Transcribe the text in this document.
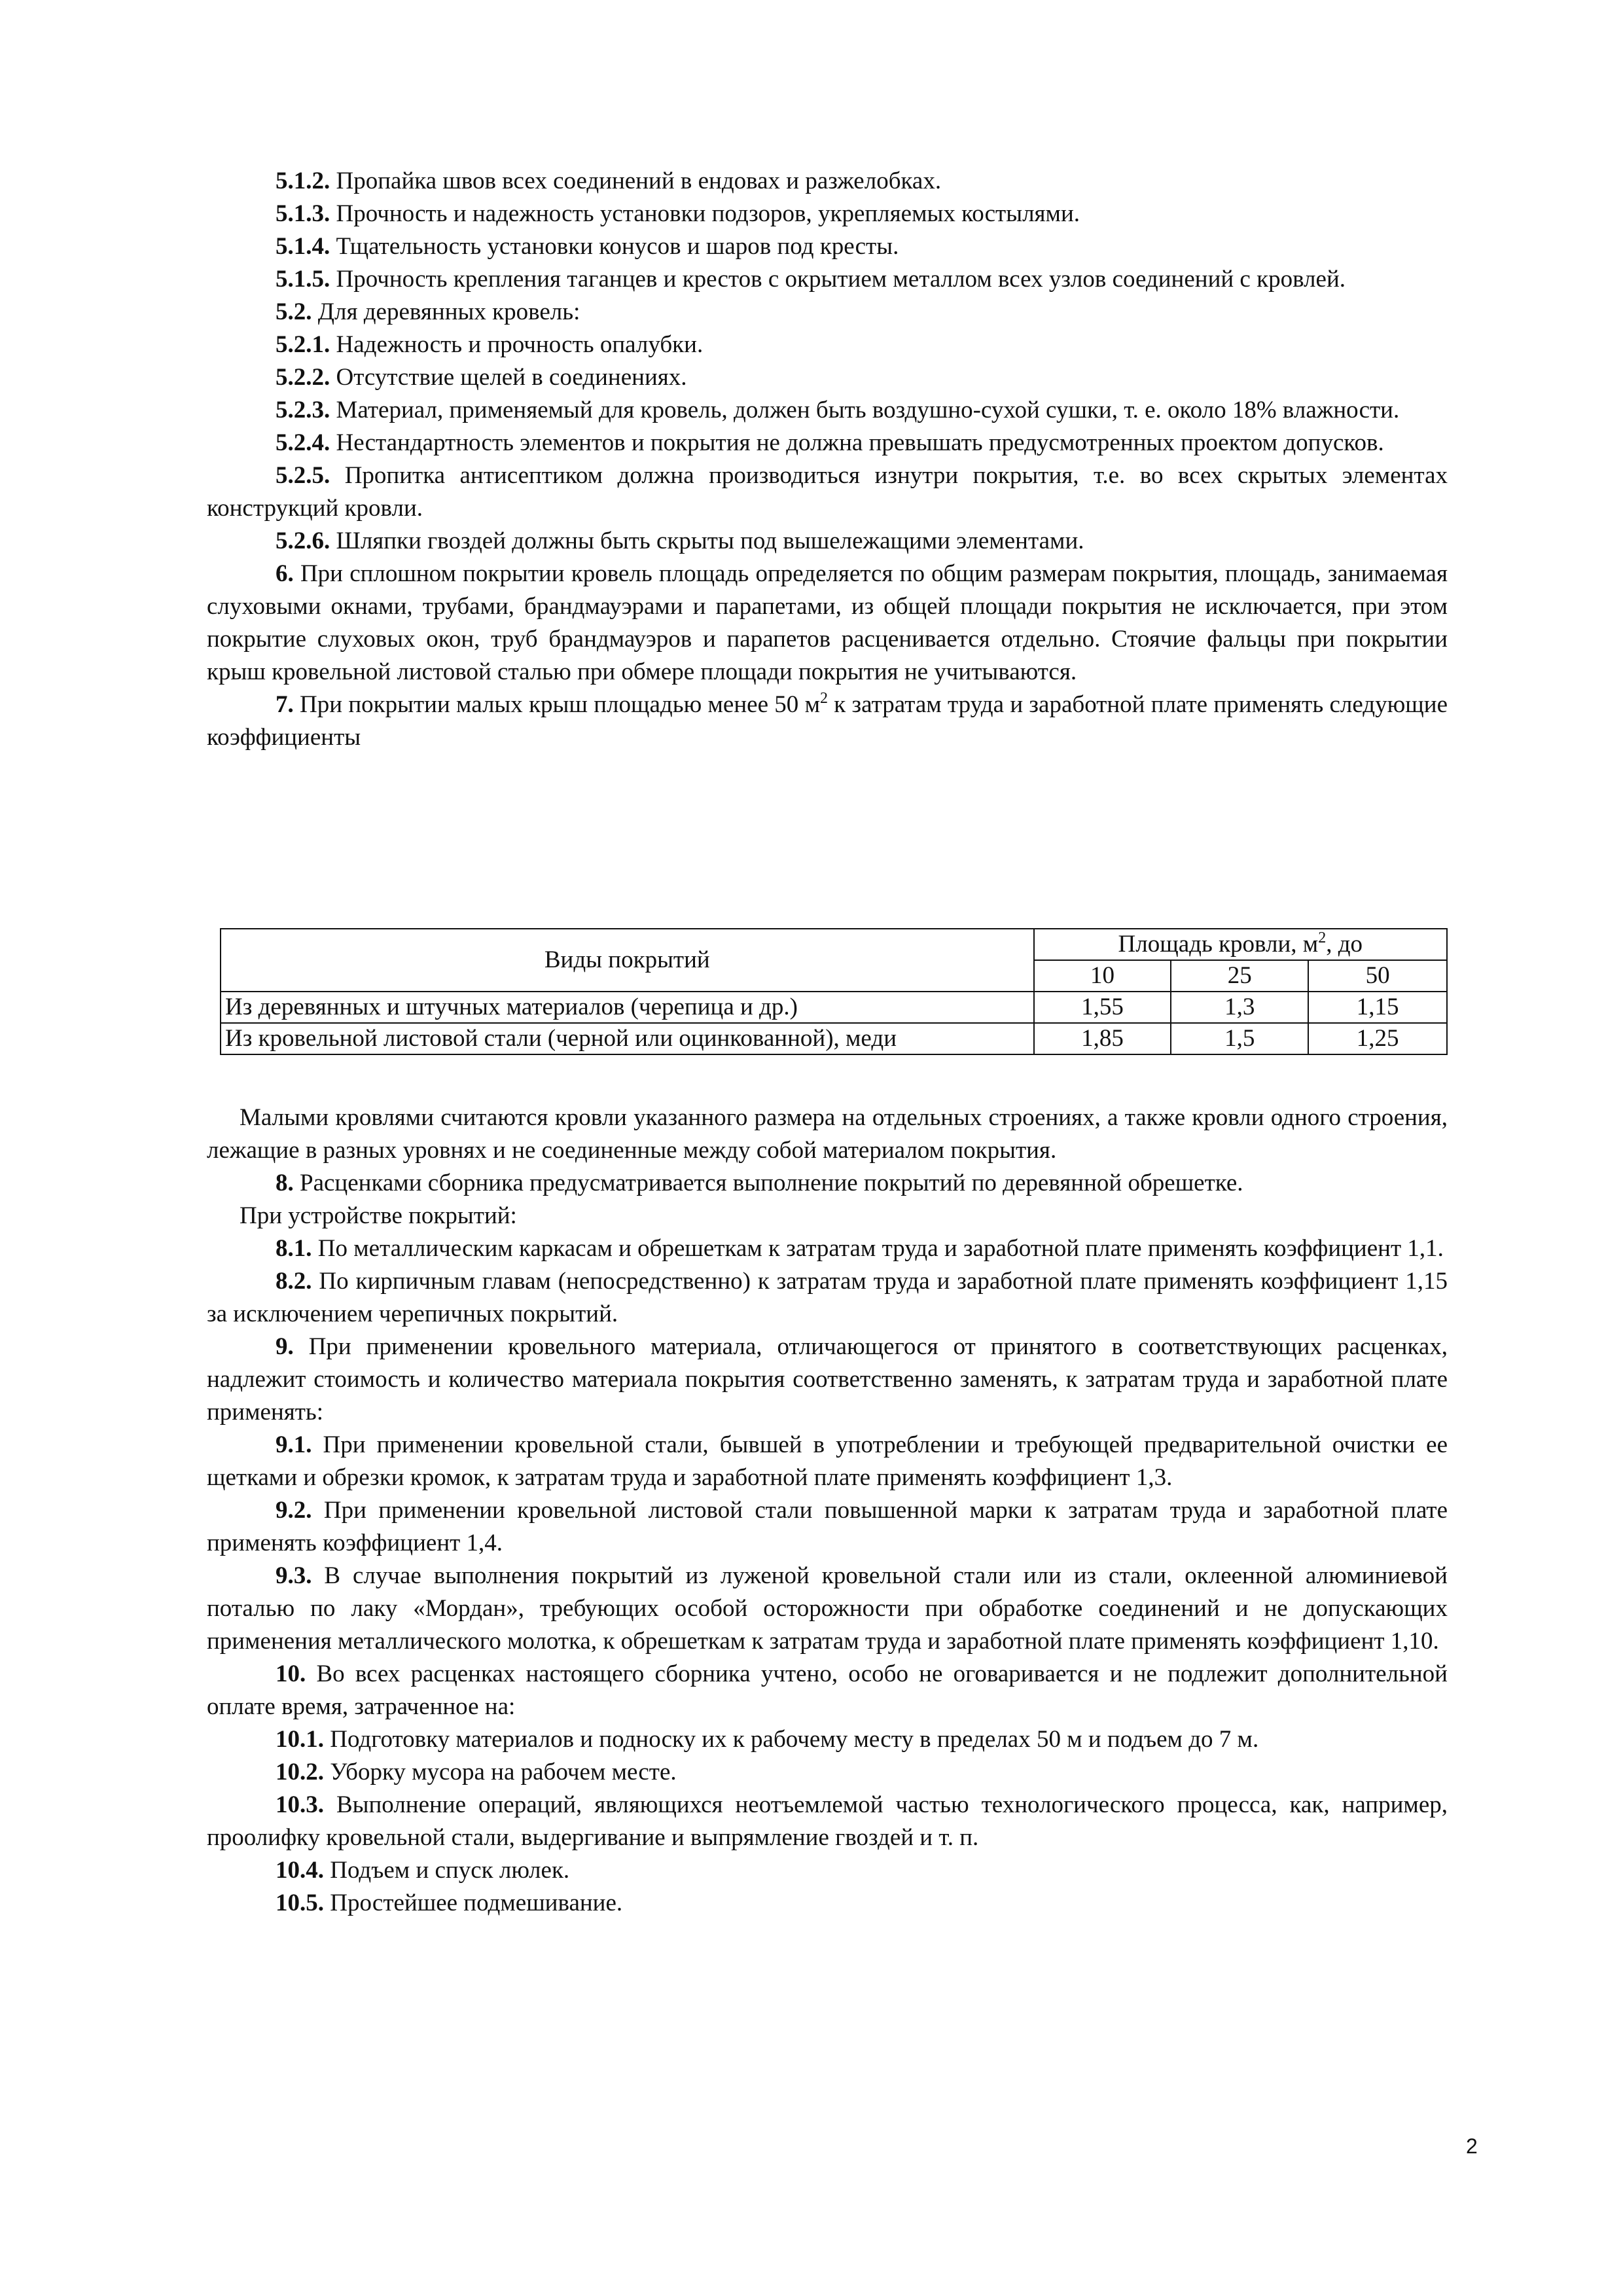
5.1.2. Пропайка швов всех соединений в ендовах и разжелобках.

5.1.3. Прочность и надежность установки подзоров, укрепляемых костылями.

5.1.4. Тщательность установки конусов и шаров под кресты.

5.1.5. Прочность крепления таганцев и крестов с окрытием металлом всех узлов соединений с кровлей.

5.2. Для деревянных кровель:

5.2.1. Надежность и прочность опалубки.

5.2.2. Отсутствие щелей в соединениях.

5.2.3. Материал, применяемый для кровель, должен быть воздушно-сухой сушки, т. е. около 18% влажности.

5.2.4. Нестандартность элементов и покрытия не должна превышать предусмотренных проектом допусков.

5.2.5. Пропитка антисептиком должна производиться изнутри покрытия, т.е. во всех скрытых элементах конструкций кровли.

5.2.6. Шляпки гвоздей должны быть скрыты под вышележащими элементами.

6. При сплошном покрытии кровель площадь определяется по общим размерам покрытия, площадь, занимаемая слуховыми окнами, трубами, брандмауэрами и парапетами, из общей площади покрытия не исключается, при этом покрытие слуховых окон, труб брандмауэров и парапетов расценивается отдельно. Стоячие фальцы при покрытии крыш кровельной листовой сталью при обмере площади покрытия не учитываются.

7. При покрытии малых крыш площадью менее 50 $м^2$ к затратам труда и заработной плате применять следующие коэффициенты

Виды покрытий	Площадь кровли, $м^2$, до		
	10	25	50
Из деревянных и штучных материалов (черепица и др.)	1,55	1,3	1,15
Из кровельной листовой стали (черной или оцинкованной), меди	1,85	1,5	1,25

Малыми кровлями считаются кровли указанного размера на отдельных строениях, а также кровли одного строения, лежащие в разных уровнях и не соединенные между собой материалом покрытия.

8. Расценками сборника предусматривается выполнение покрытий по деревянной обрешетке.

При устройстве покрытий:

8.1. По металлическим каркасам и обрешеткам к затратам труда и заработной плате применять коэффициент 1,1.

8.2. По кирпичным главам (непосредственно) к затратам труда и заработной плате применять коэффициент 1,15 за исключением черепичных покрытий.

9. При применении кровельного материала, отличающегося от принятого в соответствующих расценках, надлежит стоимость и количество материала покрытия соответственно заменять, к затратам труда и заработной плате применять:

9.1. При применении кровельной стали, бывшей в употреблении и требующей предварительной очистки ее щетками и обрезки кромок, к затратам труда и заработной плате применять коэффициент 1,3.

9.2. При применении кровельной листовой стали повышенной марки к затратам труда и заработной плате применять коэффициент 1,4.

9.3. В случае выполнения покрытий из луженой кровельной стали или из стали, оклеенной алюминиевой поталью по лаку «Мордан», требующих особой осторожности при обработке соединений и не допускающих применения металлического молотка, к обрешеткам к затратам труда и заработной плате применять коэффициент 1,10.

10. Во всех расценках настоящего сборника учтено, особо не оговаривается и не подлежит дополнительной оплате время, затраченное на:

10.1. Подготовку материалов и подноску их к рабочему месту в пределах 50 м и подъем до 7 м.

10.2. Уборку мусора на рабочем месте.

10.3. Выполнение операций, являющихся неотъемлемой частью технологического процесса, как, например, проолифку кровельной стали, выдергивание и выпрямление гвоздей и т. п.

10.4. Подъем и спуск люлек.

10.5. Простейшее подмешивание.

2
